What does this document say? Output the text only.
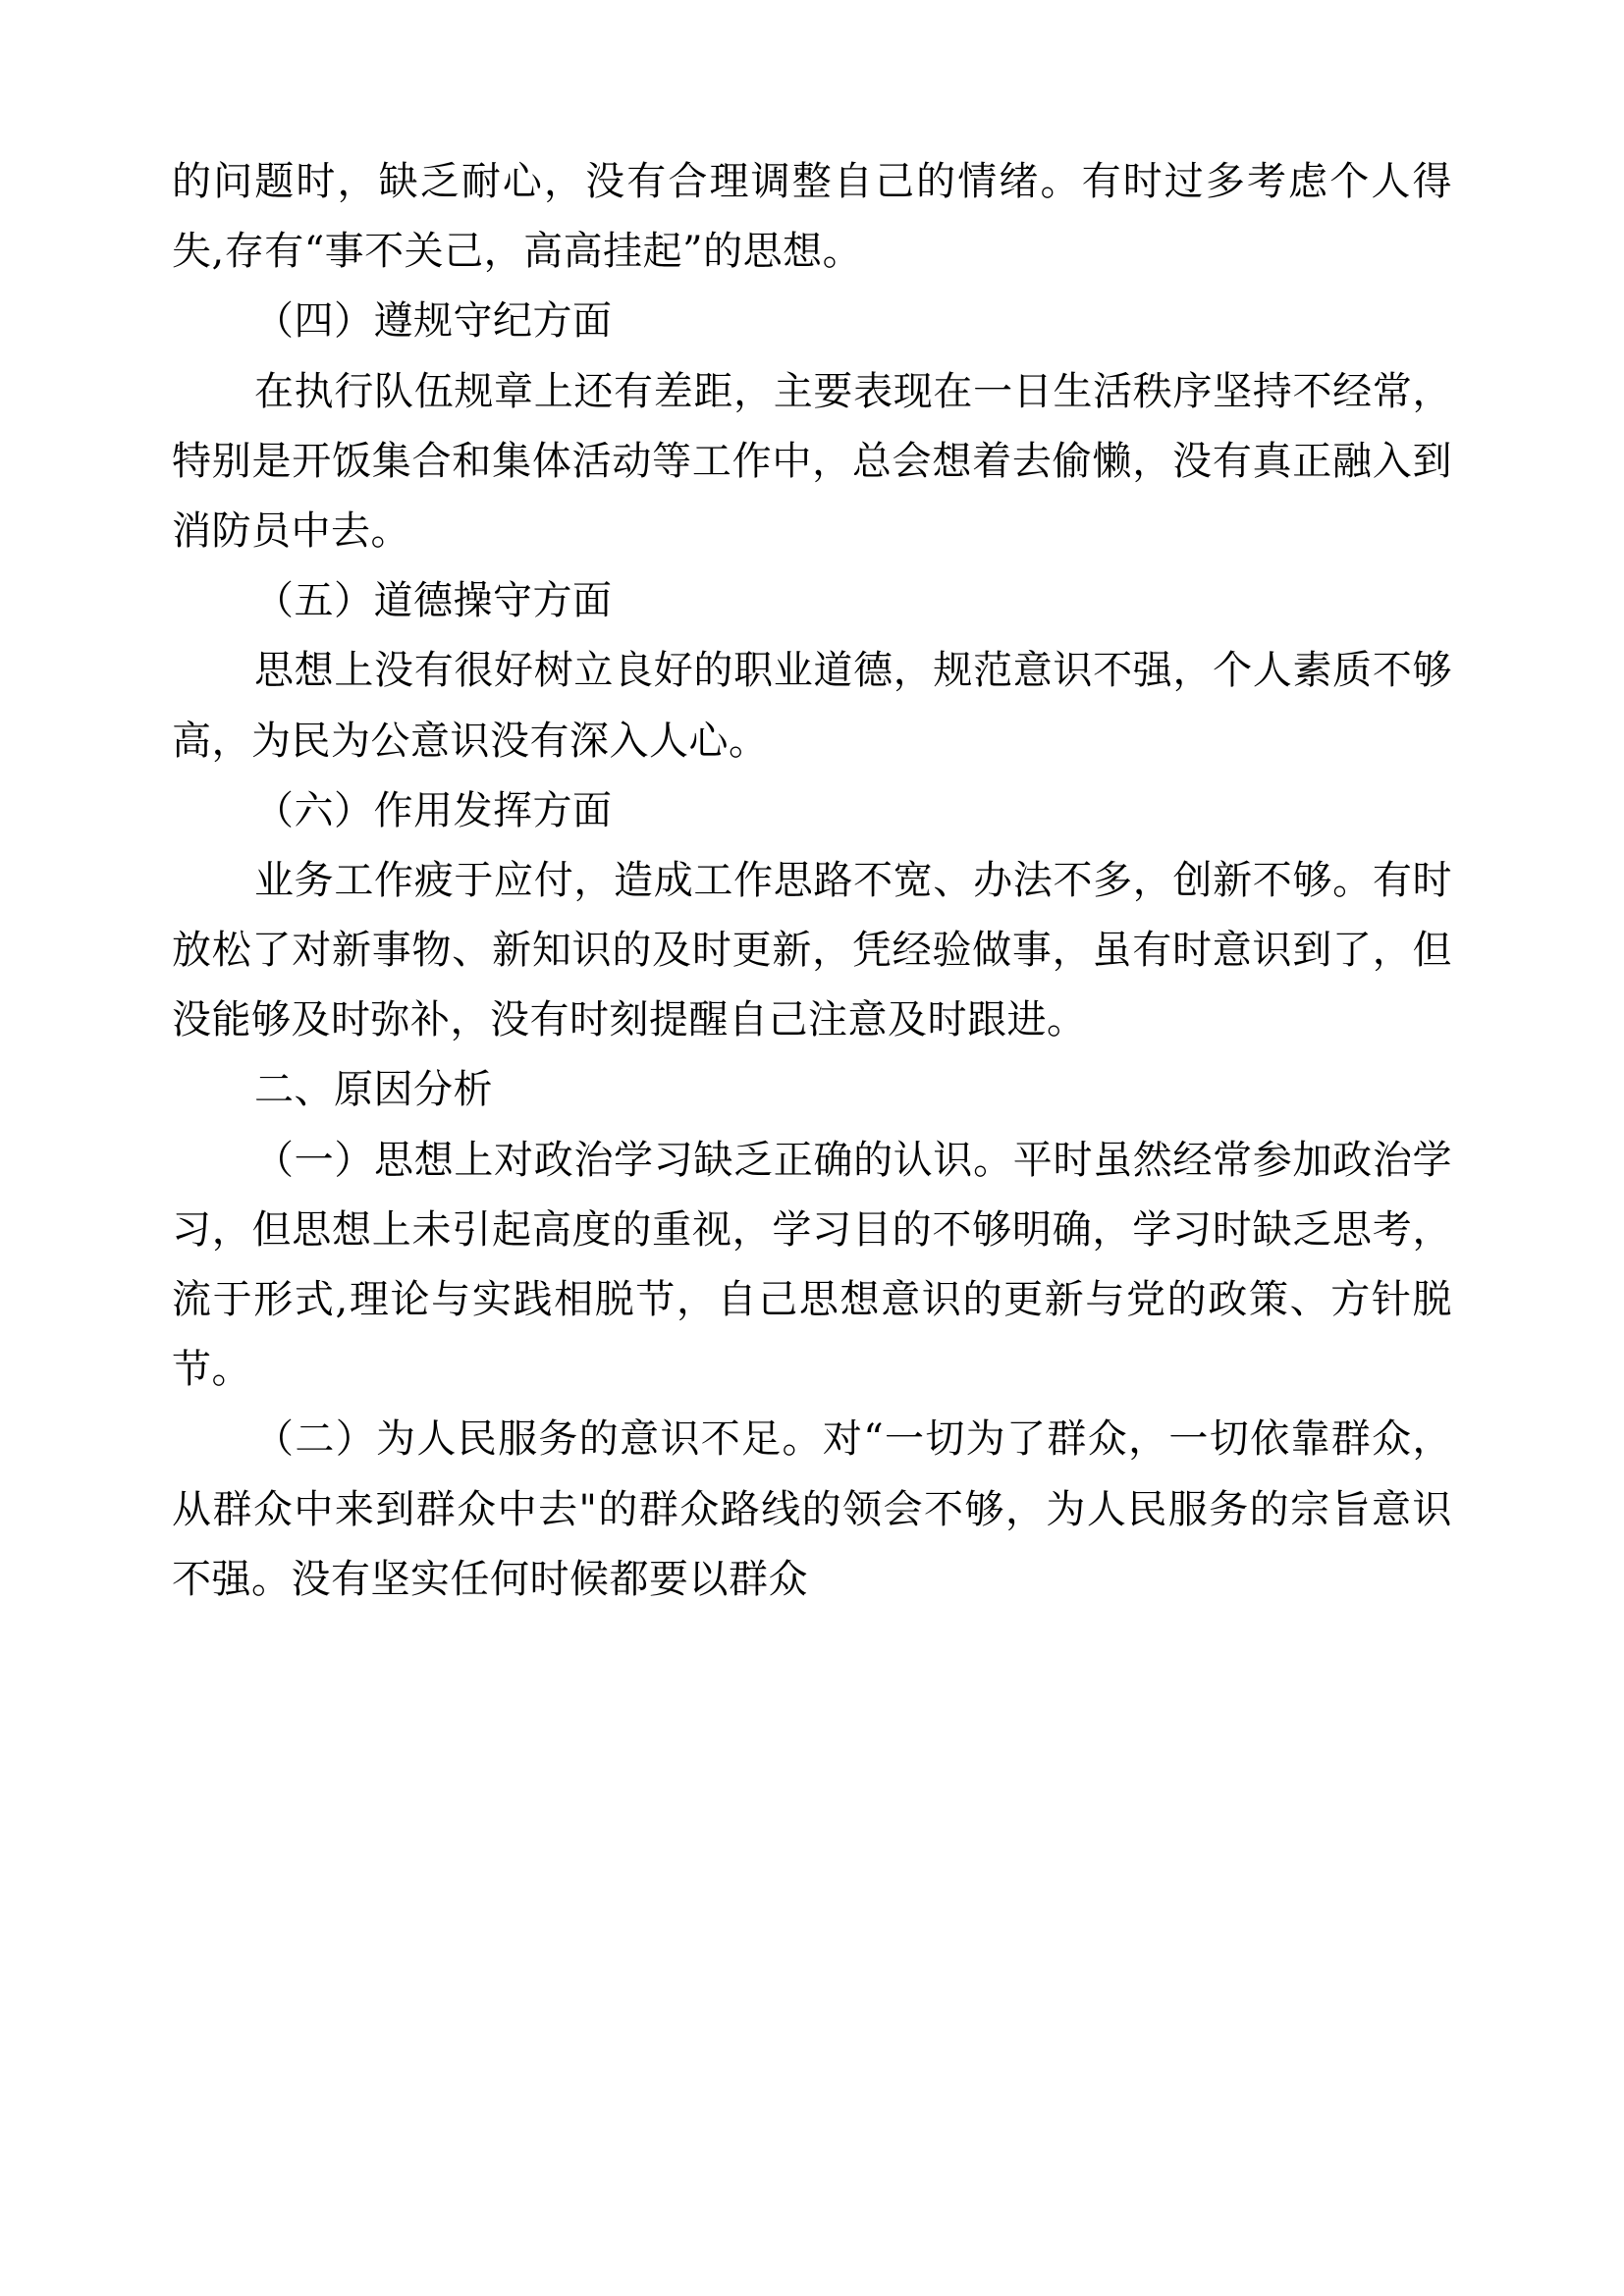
的问题时，缺乏耐心，没有合理调整自己的情绪。有时过多考虑个人得失,存有“事不关己，高高挂起”的思想。

（四）遵规守纪方面

在执行队伍规章上还有差距，主要表现在一日生活秩序坚持不经常，特别是开饭集合和集体活动等工作中，总会想着去偷懒，没有真正融入到消防员中去。

（五）道德操守方面

思想上没有很好树立良好的职业道德，规范意识不强，个人素质不够高，为民为公意识没有深入人心。

（六）作用发挥方面

业务工作疲于应付，造成工作思路不宽、办法不多，创新不够。有时放松了对新事物、新知识的及时更新，凭经验做事，虽有时意识到了，但没能够及时弥补，没有时刻提醒自己注意及时跟进。

二、原因分析

（一）思想上对政治学习缺乏正确的认识。平时虽然经常参加政治学习，但思想上未引起高度的重视，学习目的不够明确，学习时缺乏思考，流于形式,理论与实践相脱节，自己思想意识的更新与党的政策、方针脱节。

（二）为人民服务的意识不足。对“一切为了群众，一切依靠群众，从群众中来到群众中去"的群众路线的领会不够，为人民服务的宗旨意识不强。没有坚实任何时候都要以群众
